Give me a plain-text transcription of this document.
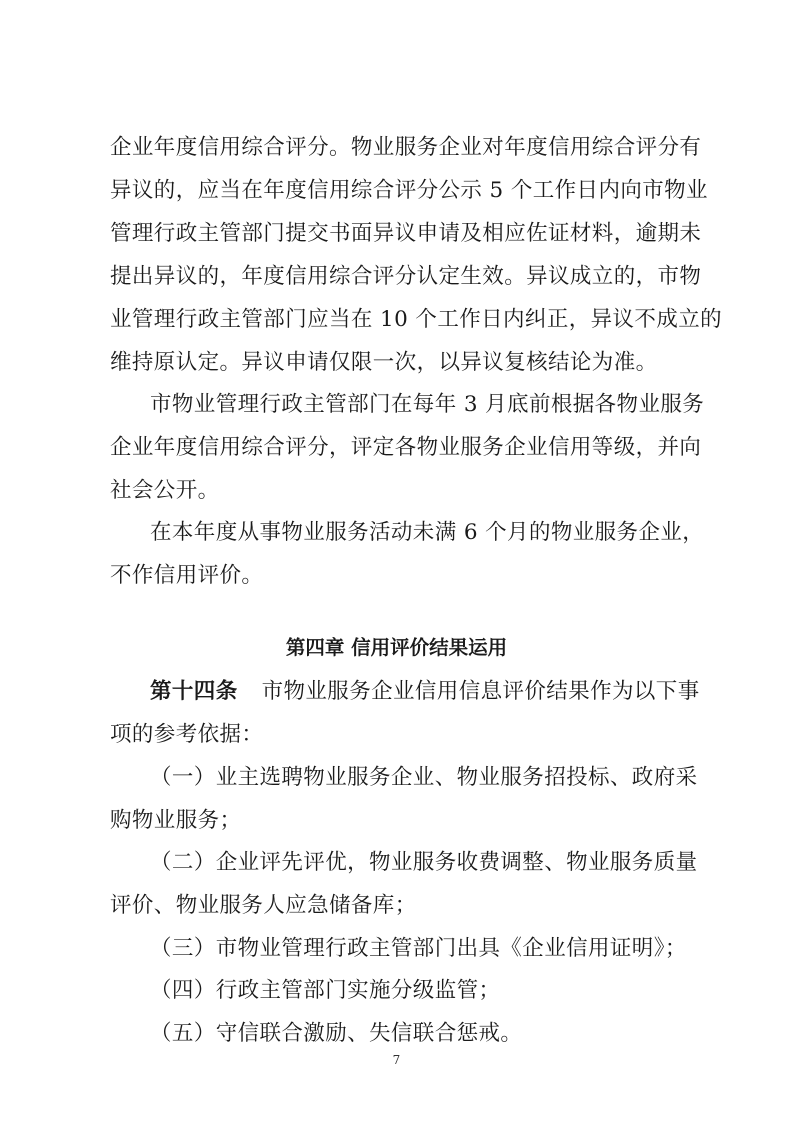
企业年度信用综合评分。物业服务企业对年度信用综合评分有
异议的，应当在年度信用综合评分公示 5 个工作日内向市物业
管理行政主管部门提交书面异议申请及相应佐证材料，逾期未
提出异议的，年度信用综合评分认定生效。异议成立的，市物
业管理行政主管部门应当在 10 个工作日内纠正，异议不成立的
维持原认定。异议申请仅限一次，以异议复核结论为准。
市物业管理行政主管部门在每年 3 月底前根据各物业服务
企业年度信用综合评分，评定各物业服务企业信用等级，并向
社会公开。
在本年度从事物业服务活动未满 6 个月的物业服务企业，
不作信用评价。
第四章 信用评价结果运用
第十四条 市物业服务企业信用信息评价结果作为以下事
项的参考依据：
（一）业主选聘物业服务企业、物业服务招投标、政府采
购物业服务；
（二）企业评先评优，物业服务收费调整、物业服务质量
评价、物业服务人应急储备库；
（三）市物业管理行政主管部门出具《企业信用证明》；
（四）行政主管部门实施分级监管；
（五）守信联合激励、失信联合惩戒。
7
